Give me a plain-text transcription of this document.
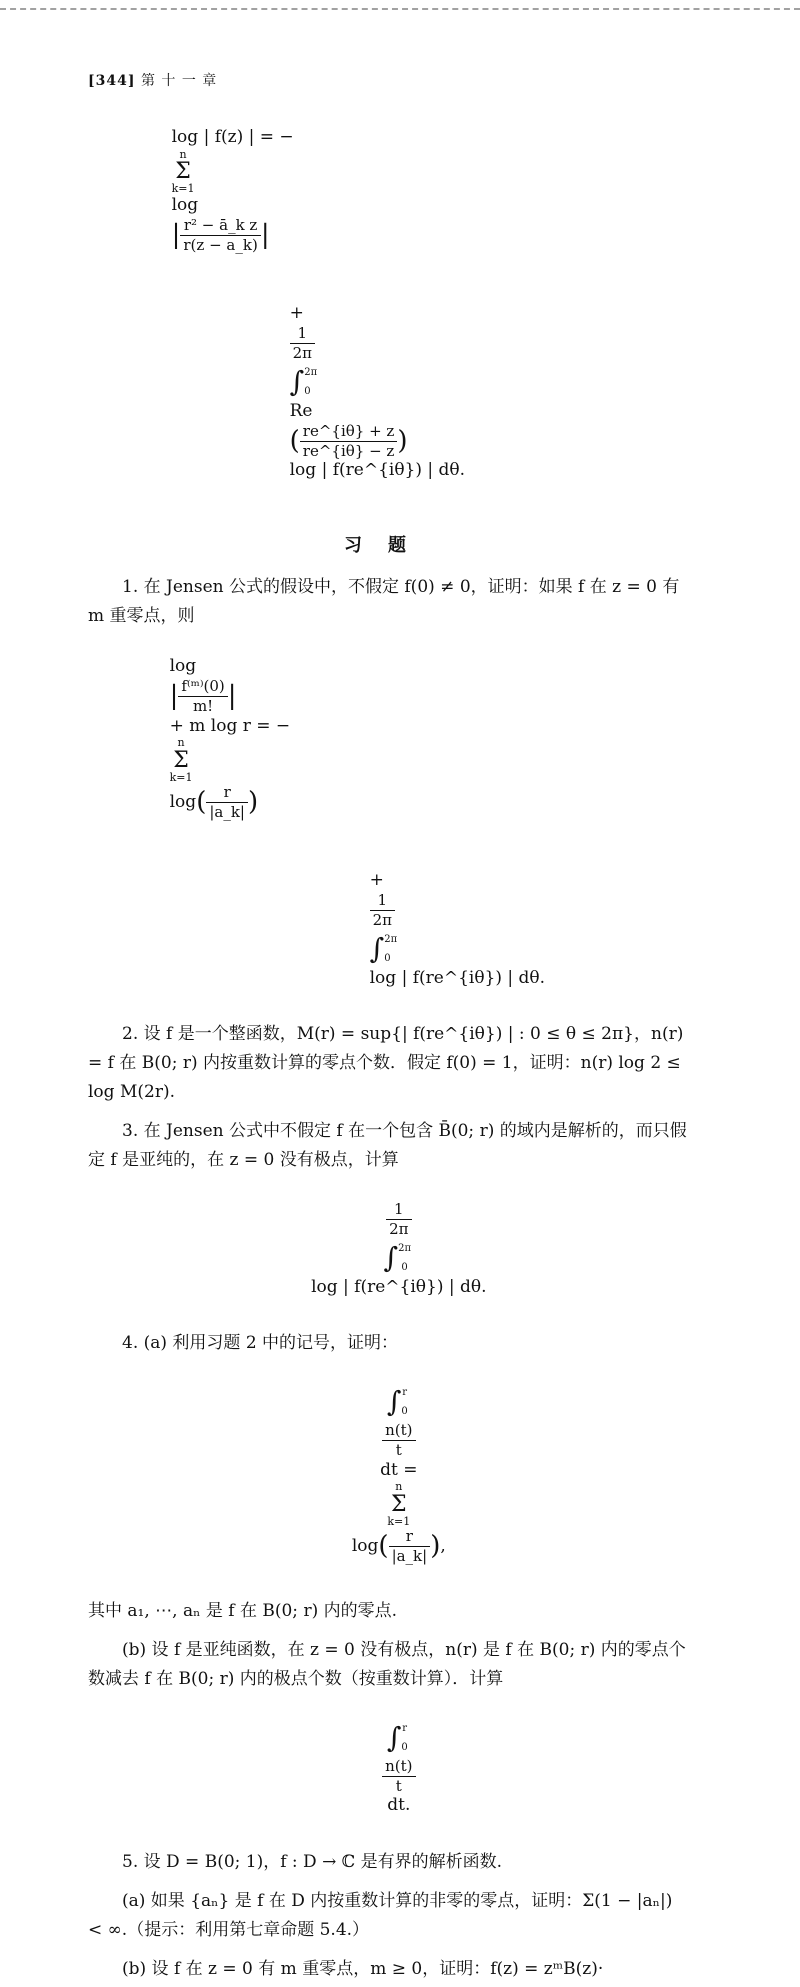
[344] 第 十 一 章

log | f(z) | = −
n
Σ
k=1
log
| $\frac{\text{r² − ā\_k z}}{r(z - a\_k)}$ |

+

$\frac{1}{2\pi}$

∫2π
0
Re
( $\frac{re\^{}\{i\theta\} + z}{re\^{}\{i\theta\} - z}$ )
log | f(re^{iθ}) | dθ.

习题

1. 在 Jensen 公式的假设中，不假定 f(0) ≠ 0，证明：如果 f 在 z = 0 有 m 重零点，则

log
| $\frac{\text{f⁽ᵐ⁾(0)}}{m!}$ |
+ m log r = −
n
Σ
k=1
$\log( \frac{r}{|a\_k|}$ )

+

$\frac{1}{2\pi}$

∫2π
0
log | f(re^{iθ}) | dθ.

2. 设 f 是一个整函数，M(r) = sup{| f(re^{iθ}) | : 0 ≤ θ ≤ 2π}，n(r) = f 在 B(0; r) 内按重数计算的零点个数．假定 f(0) = 1，证明：n(r) log 2 ≤ log M(2r).

3. 在 Jensen 公式中不假定 f 在一个包含 B̄(0; r) 的域内是解析的，而只假定 f 是亚纯的，在 z = 0 没有极点，计算

$\frac{1}{2\pi}$

∫2π
0
log | f(re^{iθ}) | dθ.

4. (a) 利用习题 2 中的记号，证明：

∫r
0

$\frac{n(t)}{t}$

dt =
n
Σ
k=1
$\log( \frac{r}{|a\_k|}$ ),

其中 a₁, ⋯, aₙ 是 f 在 B(0; r) 内的零点.

(b) 设 f 是亚纯函数，在 z = 0 没有极点，n(r) 是 f 在 B(0; r) 内的零点个数减去 f 在 B(0; r) 内的极点个数（按重数计算）．计算

∫r
0

$\frac{n(t)}{t}$

dt.

5. 设 D = B(0; 1)，f : D → ℂ 是有界的解析函数.

(a) 如果 {aₙ} 是 f 在 D 内按重数计算的非零的零点，证明：Σ(1 − |aₙ|) < ∞.（提示：利用第七章命题 5.4.）

(b) 设 f 在 z = 0 有 m 重零点，m ≥ 0，证明：f(z) = zᵐB(z)·
